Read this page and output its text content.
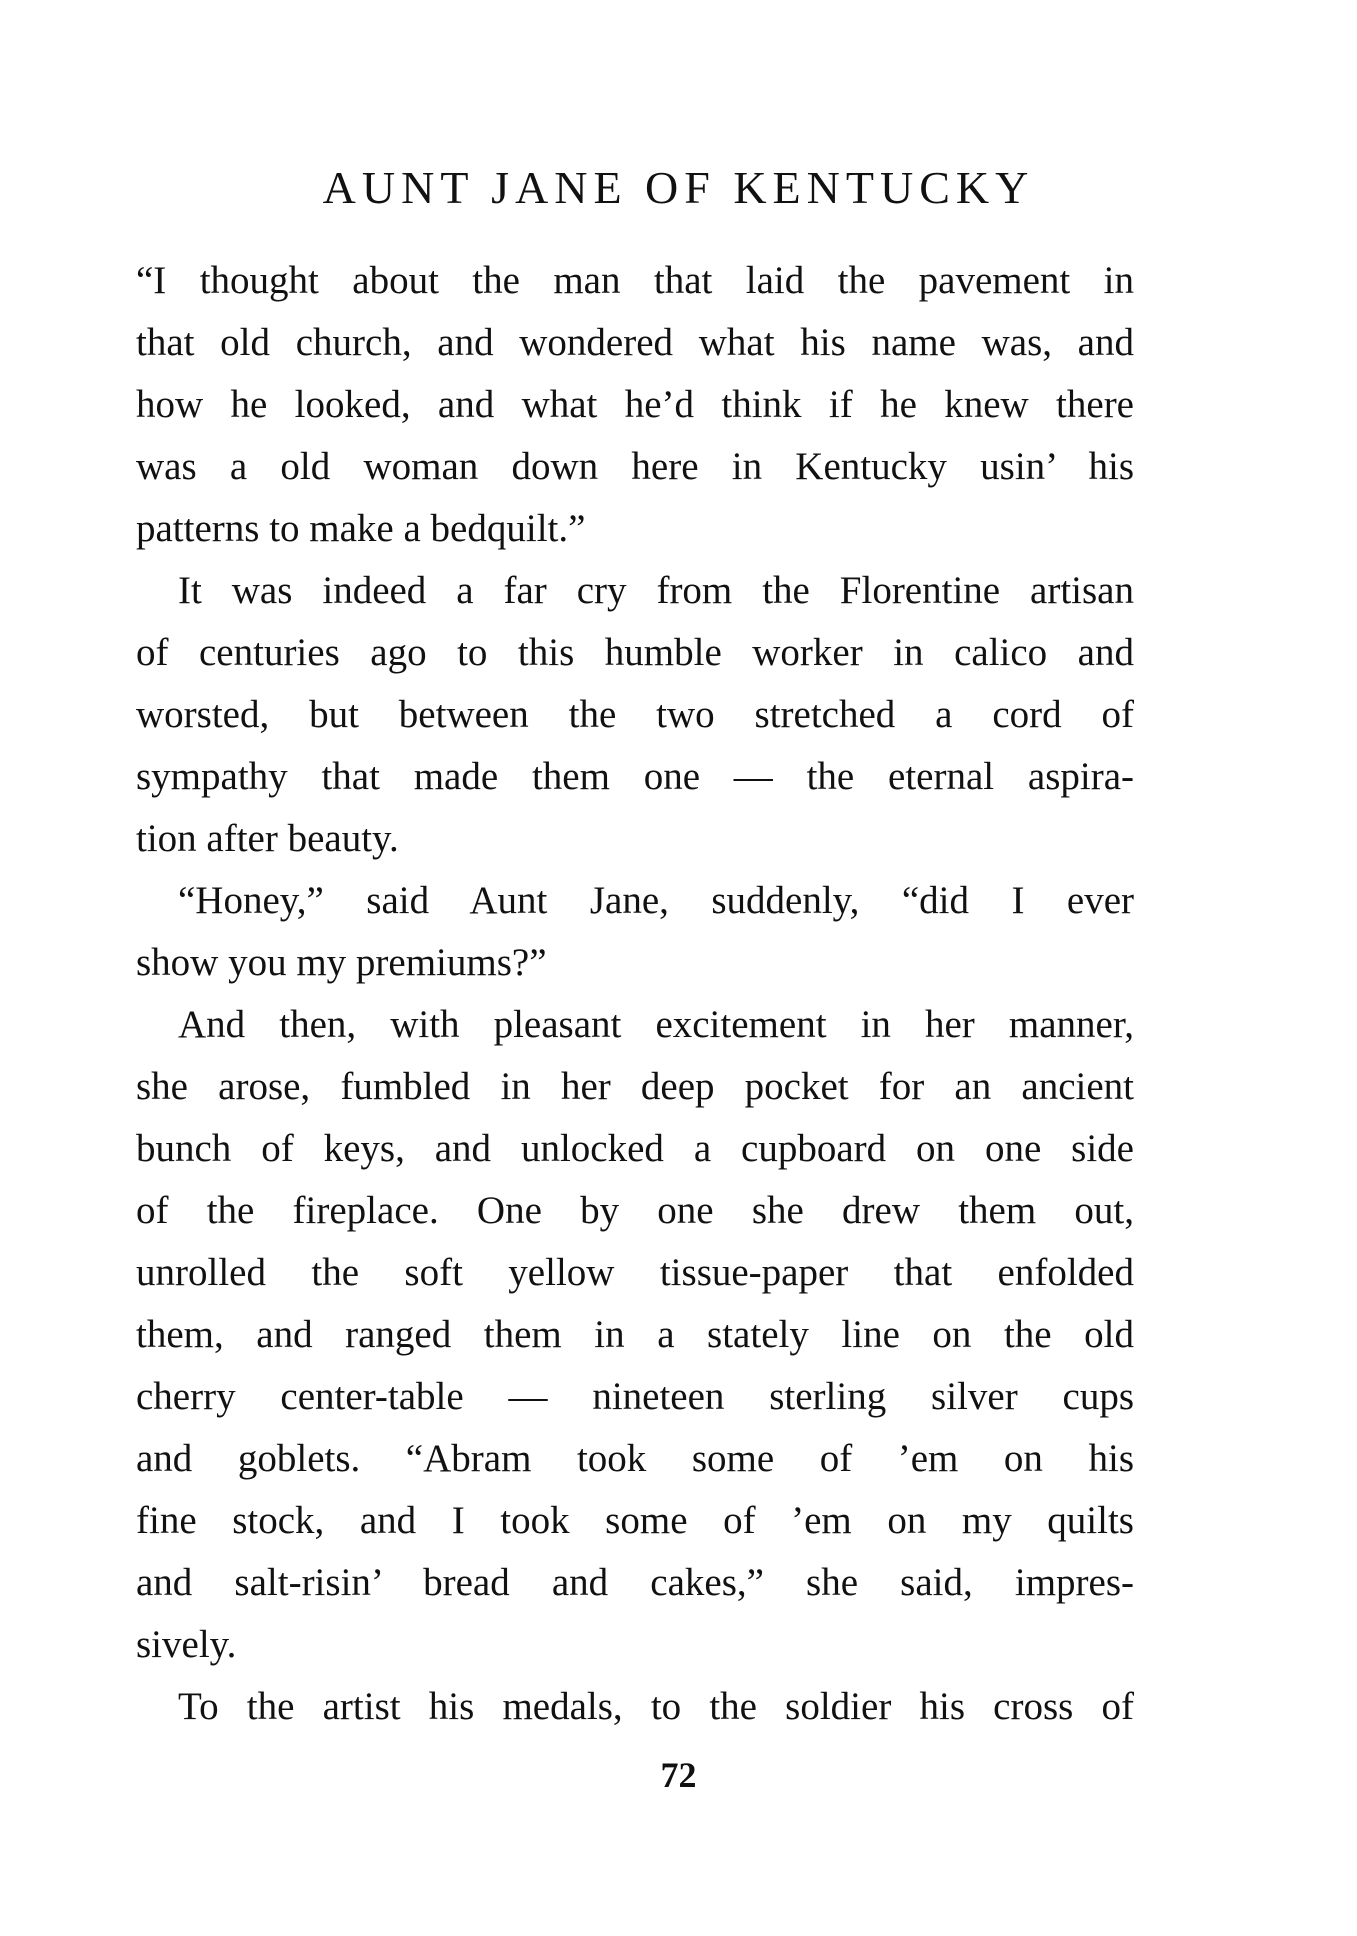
AUNT JANE OF KENTUCKY

“I thought about the man that laid the pavement in
that old church, and wondered what his name was, and
how he looked, and what he’d think if he knew there
was a old woman down here in Kentucky usin’ his
patterns to make a bedquilt.”

It was indeed a far cry from the Florentine artisan
of centuries ago to this humble worker in calico and
worsted, but between the two stretched a cord of
sympathy that made them one — the eternal aspira-
tion after beauty.

“Honey,” said Aunt Jane, suddenly, “did I ever
show you my premiums?”

And then, with pleasant excitement in her manner,
she arose, fumbled in her deep pocket for an ancient
bunch of keys, and unlocked a cupboard on one side
of the fireplace. One by one she drew them out,
unrolled the soft yellow tissue-paper that enfolded
them, and ranged them in a stately line on the old
cherry center-table — nineteen sterling silver cups
and goblets. “Abram took some of ’em on his
fine stock, and I took some of ’em on my quilts
and salt-risin’ bread and cakes,” she said, impres-
sively.

To the artist his medals, to the soldier his cross of

72
